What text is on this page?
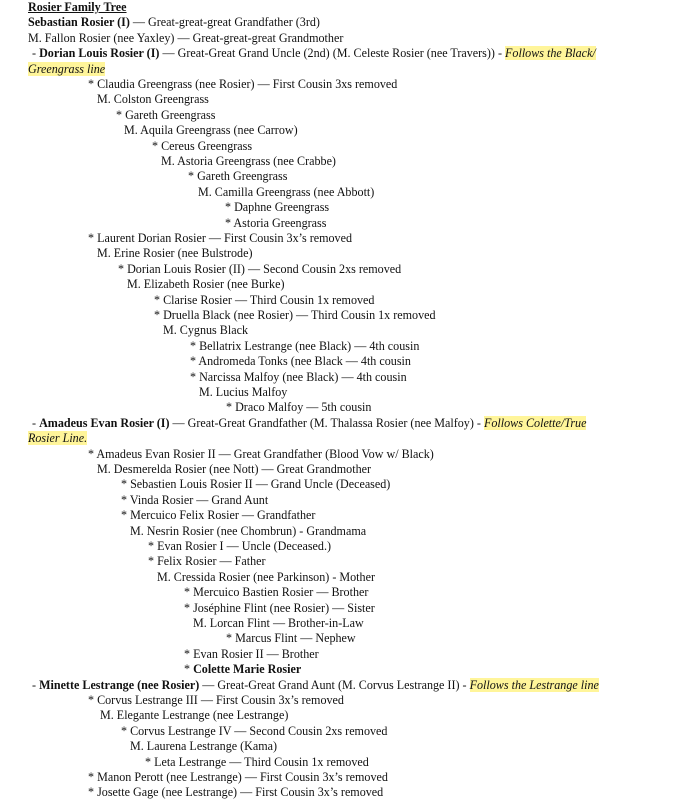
Rosier Family Tree
Sebastian Rosier (I) — Great-great-great Grandfather (3rd)
M. Fallon Rosier (nee Yaxley) — Great-great-great Grandmother
- Dorian Louis Rosier (I) — Great-Great Grand Uncle (2nd) (M. Celeste Rosier (nee Travers)) - Follows the Black/
Greengrass line
* Claudia Greengrass (nee Rosier) — First Cousin 3xs removed
M. Colston Greengrass
* Gareth Greengrass
M. Aquila Greengrass (nee Carrow)
* Cereus Greengrass
M. Astoria Greengrass (nee Crabbe)
* Gareth Greengrass
M. Camilla Greengrass (nee Abbott)
* Daphne Greengrass
* Astoria Greengrass
* Laurent Dorian Rosier — First Cousin 3x’s removed
M. Erine Rosier (nee Bulstrode)
* Dorian Louis Rosier (II) — Second Cousin 2xs removed
M. Elizabeth Rosier (nee Burke)
* Clarise Rosier — Third Cousin 1x removed
* Druella Black (nee Rosier) — Third Cousin 1x removed
M. Cygnus Black
* Bellatrix Lestrange (nee Black) — 4th cousin
* Andromeda Tonks (nee Black — 4th cousin
* Narcissa Malfoy (nee Black) — 4th cousin
M. Lucius Malfoy
* Draco Malfoy — 5th cousin
- Amadeus Evan Rosier (I) — Great-Great Grandfather (M. Thalassa Rosier (nee Malfoy) - Follows Colette/True
Rosier Line.
* Amadeus Evan Rosier II — Great Grandfather (Blood Vow w/ Black)
M. Desmerelda Rosier (nee Nott) — Great Grandmother
* Sebastien Louis Rosier II — Grand Uncle (Deceased)
* Vinda Rosier — Grand Aunt
* Mercuico Felix Rosier — Grandfather
M. Nesrin Rosier (nee Chombrun) - Grandmama
* Evan Rosier I — Uncle (Deceased.)
* Felix Rosier — Father
M. Cressida Rosier (nee Parkinson) - Mother
* Mercuico Bastien Rosier — Brother
* Joséphine Flint (nee Rosier) — Sister
M. Lorcan Flint — Brother-in-Law
* Marcus Flint — Nephew
* Evan Rosier II — Brother
* Colette Marie Rosier
- Minette Lestrange (nee Rosier) — Great-Great Grand Aunt (M. Corvus Lestrange II) - Follows the Lestrange line
* Corvus Lestrange III — First Cousin 3x’s removed
M. Elegante Lestrange (nee Lestrange)
* Corvus Lestrange IV — Second Cousin 2xs removed
M. Laurena Lestrange (Kama)
* Leta Lestrange — Third Cousin 1x removed
* Manon Perott (nee Lestrange) — First Cousin 3x’s removed
* Josette Gage (nee Lestrange) — First Cousin 3x’s removed
